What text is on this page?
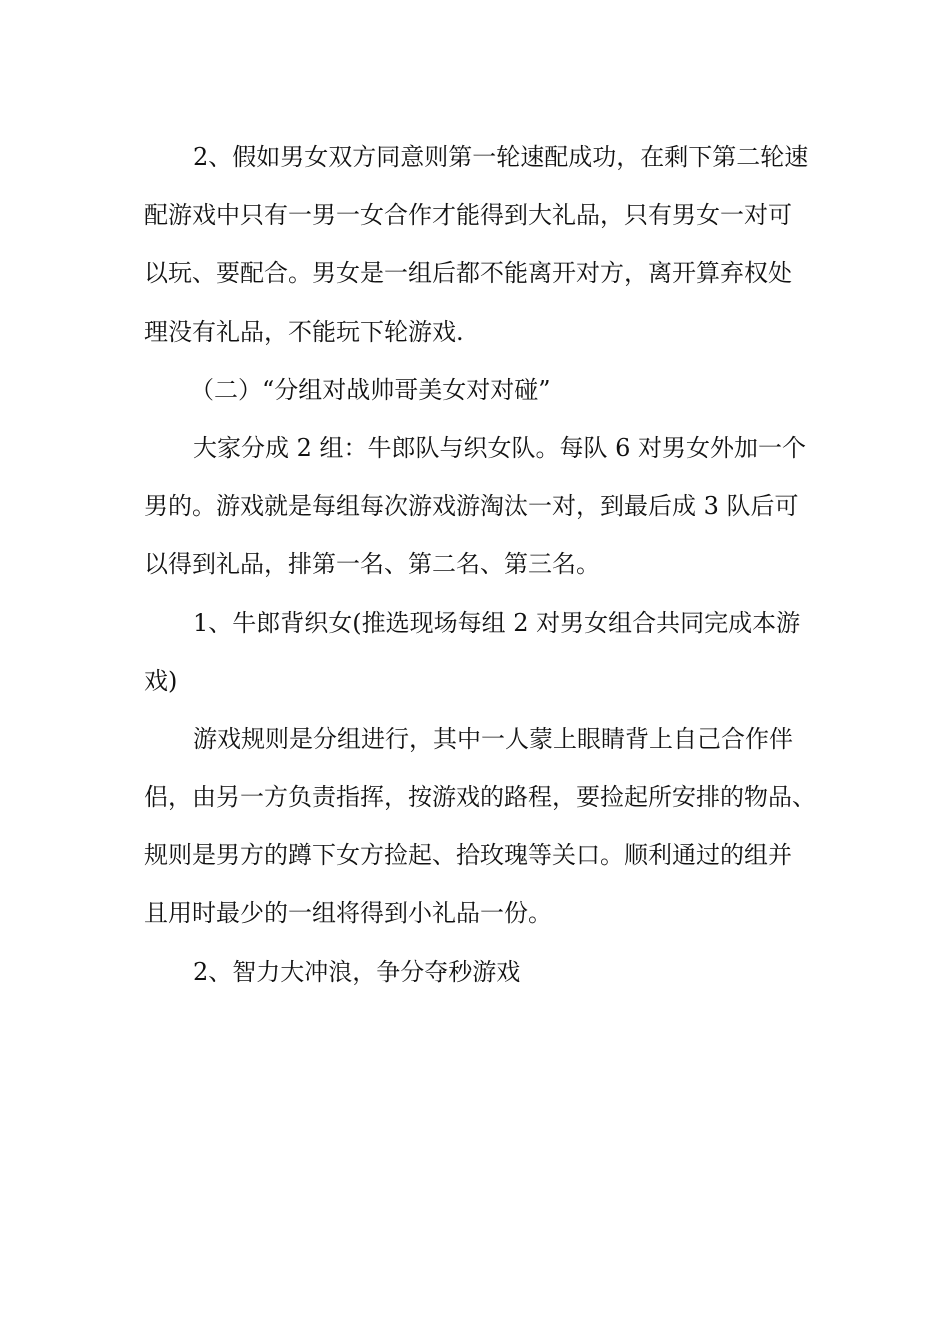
2、假如男女双方同意则第一轮速配成功，在剩下第二轮速
配游戏中只有一男一女合作才能得到大礼品，只有男女一对可
以玩、要配合。男女是一组后都不能离开对方，离开算弃权处
理没有礼品，不能玩下轮游戏.
（二）“分组对战帅哥美女对对碰”
大家分成 2 组：牛郎队与织女队。每队 6 对男女外加一个
男的。游戏就是每组每次游戏游淘汰一对，到最后成 3 队后可
以得到礼品，排第一名、第二名、第三名。
1、牛郎背织女(推选现场每组 2 对男女组合共同完成本游
戏)
游戏规则是分组进行，其中一人蒙上眼睛背上自己合作伴
侣，由另一方负责指挥，按游戏的路程，要捡起所安排的物品、
规则是男方的蹲下女方捡起、拾玫瑰等关口。顺利通过的组并
且用时最少的一组将得到小礼品一份。
2、智力大冲浪，争分夺秒游戏
